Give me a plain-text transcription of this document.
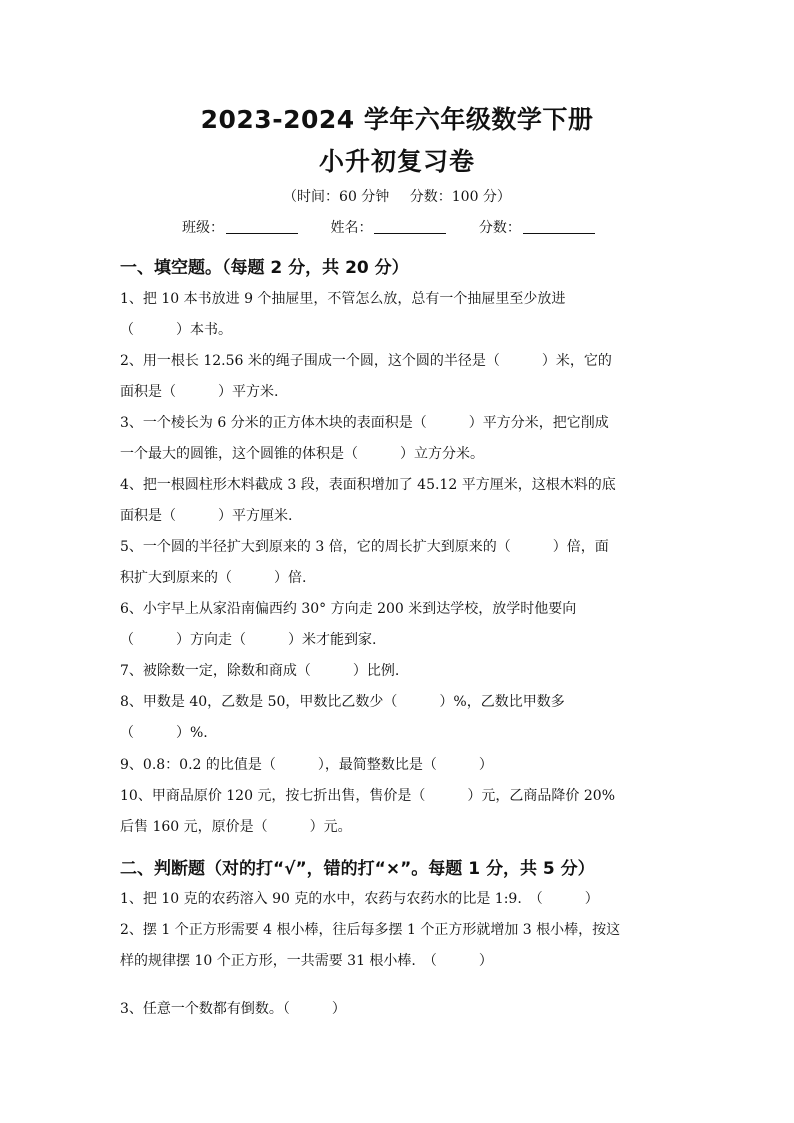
2023-2024 学年六年级数学下册
小升初复习卷
（时间：60 分钟 分数：100 分）
班级：	姓名：	分数：
一、填空题。（每题 2 分，共 20 分）
1、把 10 本书放进 9 个抽屉里，不管怎么放，总有一个抽屉里至少放进
（　　　）本书。
2、用一根长 12.56 米的绳子围成一个圆，这个圆的半径是（　　　）米，它的
面积是（　　　）平方米.
3、一个棱长为 6 分米的正方体木块的表面积是（　　　）平方分米，把它削成
一个最大的圆锥，这个圆锥的体积是（　　　）立方分米。
4、把一根圆柱形木料截成 3 段，表面积增加了 45.12 平方厘米，这根木料的底
面积是（　　　）平方厘米.
5、一个圆的半径扩大到原来的 3 倍，它的周长扩大到原来的（　　　）倍，面
积扩大到原来的（　　　）倍.
6、小宇早上从家沿南偏西约 30° 方向走 200 米到达学校，放学时他要向
（　　　）方向走（　　　）米才能到家.
7、被除数一定，除数和商成（　　　）比例.
8、甲数是 40，乙数是 50，甲数比乙数少（　　　）%，乙数比甲数多
（　　　）%.
9、0.8：0.2 的比值是（　　　），最简整数比是（　　　）
10、甲商品原价 120 元，按七折出售，售价是（　　　）元，乙商品降价 20%
后售 160 元，原价是（　　　）元。
二、判断题（对的打“√”，错的打“×”。每题 1 分，共 5 分）
1、把 10 克的农药溶入 90 克的水中，农药与农药水的比是 1:9.　（　　　）
2、摆 1 个正方形需要 4 根小棒，往后每多摆 1 个正方形就增加 3 根小棒，按这
样的规律摆 10 个正方形，一共需要 31 根小棒.　（　　　）
3、任意一个数都有倒数。（　　　）
